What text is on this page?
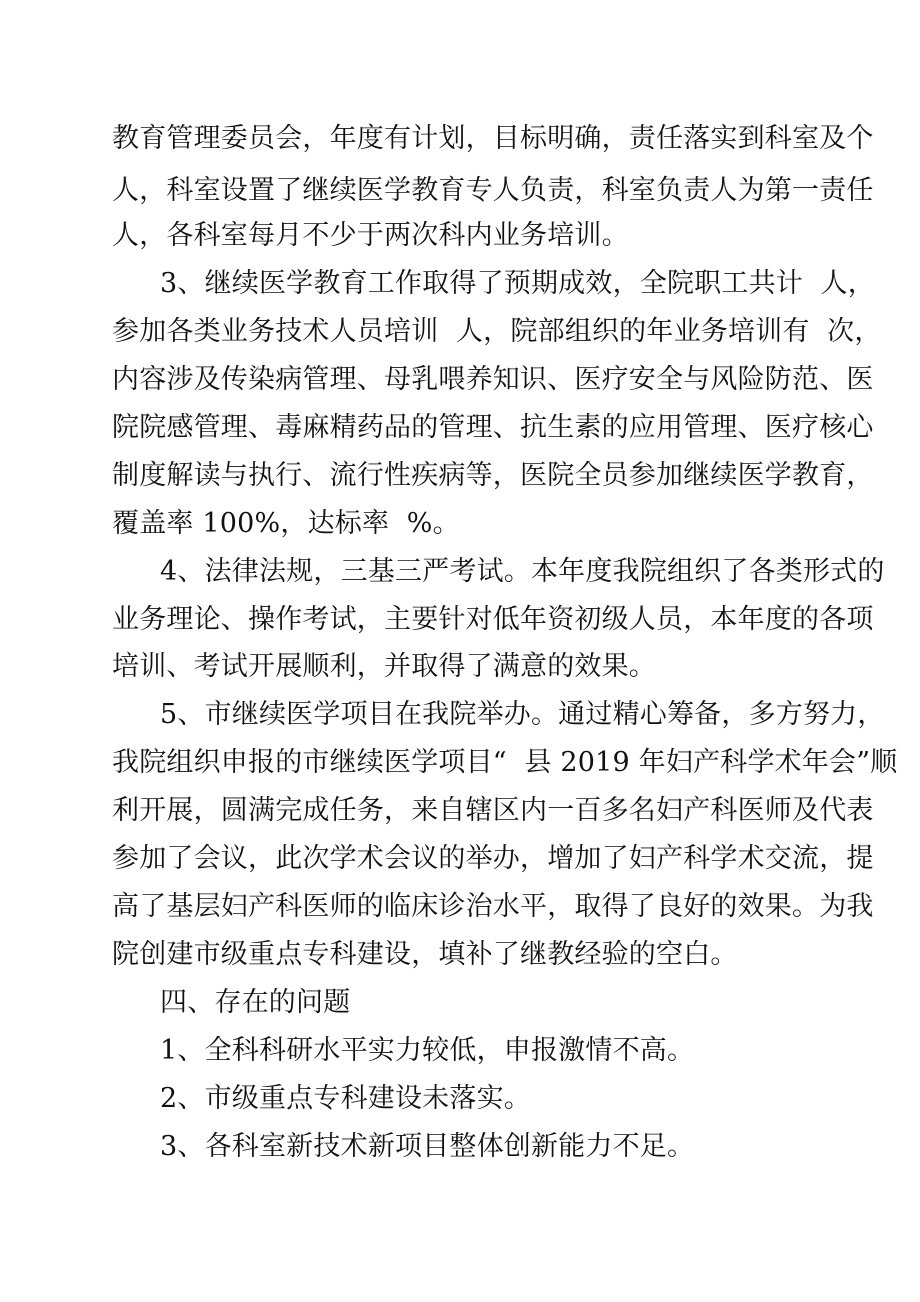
教育管理委员会，年度有计划，目标明确，责任落实到科室及个
人，科室设置了继续医学教育专人负责，科室负责人为第一责任
人，各科室每月不少于两次科内业务培训。
3、继续医学教育工作取得了预期成效，全院职工共计  人，
参加各类业务技术人员培训  人，院部组织的年业务培训有  次，
内容涉及传染病管理、母乳喂养知识、医疗安全与风险防范、医
院院感管理、毒麻精药品的管理、抗生素的应用管理、医疗核心
制度解读与执行、流行性疾病等，医院全员参加继续医学教育，
覆盖率 100%，达标率  %。
4、法律法规，三基三严考试。本年度我院组织了各类形式的
业务理论、操作考试，主要针对低年资初级人员，本年度的各项
培训、考试开展顺利，并取得了满意的效果。
5、市继续医学项目在我院举办。通过精心筹备，多方努力，
我院组织申报的市继续医学项目“  县 2019 年妇产科学术年会”顺
利开展，圆满完成任务，来自辖区内一百多名妇产科医师及代表
参加了会议，此次学术会议的举办，增加了妇产科学术交流，提
高了基层妇产科医师的临床诊治水平，取得了良好的效果。为我
院创建市级重点专科建设，填补了继教经验的空白。
四、存在的问题
1、全科科研水平实力较低，申报激情不高。
2、市级重点专科建设未落实。
3、各科室新技术新项目整体创新能力不足。
